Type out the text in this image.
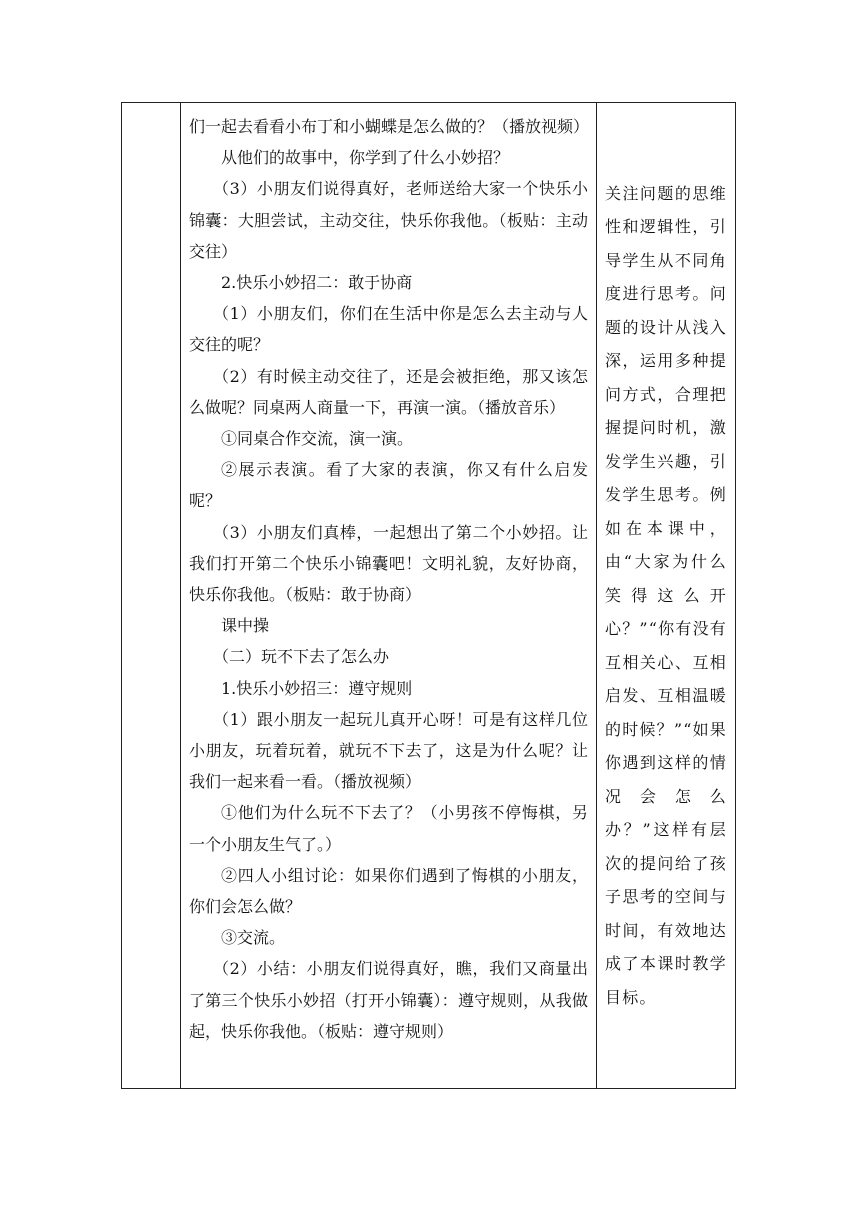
们一起去看看小布丁和小蝴蝶是怎么做的？（播放视频）

从他们的故事中，你学到了什么小妙招？

（3）小朋友们说得真好，老师送给大家一个快乐小锦囊：大胆尝试，主动交往，快乐你我他。（板贴：主动交往）

2.快乐小妙招二：敢于协商

（1）小朋友们，你们在生活中你是怎么去主动与人交往的呢？

（2）有时候主动交往了，还是会被拒绝，那又该怎么做呢？同桌两人商量一下，再演一演。（播放音乐）

①同桌合作交流，演一演。

②展示表演。看了大家的表演，你又有什么启发呢？

（3）小朋友们真棒，一起想出了第二个小妙招。让我们打开第二个快乐小锦囊吧！文明礼貌，友好协商，快乐你我他。（板贴：敢于协商）

课中操

（二）玩不下去了怎么办

1.快乐小妙招三：遵守规则

（1）跟小朋友一起玩儿真开心呀！可是有这样几位小朋友，玩着玩着，就玩不下去了，这是为什么呢？让我们一起来看一看。（播放视频）

①他们为什么玩不下去了？（小男孩不停悔棋，另一个小朋友生气了。）

②四人小组讨论：如果你们遇到了悔棋的小朋友，你们会怎么做？

③交流。

（2）小结：小朋友们说得真好，瞧，我们又商量出了第三个快乐小妙招（打开小锦囊）：遵守规则，从我做起，快乐你我他。（板贴：遵守规则）

关注问题的思维性和逻辑性，引导学生从不同角度进行思考。问题的设计从浅入深，运用多种提问方式，合理把握提问时机，激发学生兴趣，引发学生思考。例如在本课中，由“大家为什么笑得这么开心？”“你有没有互相关心、互相启发、互相温暖的时候？”“如果你遇到这样的情况会怎么办？”这样有层次的提问给了孩子思考的空间与时间，有效地达成了本课时教学目标。
